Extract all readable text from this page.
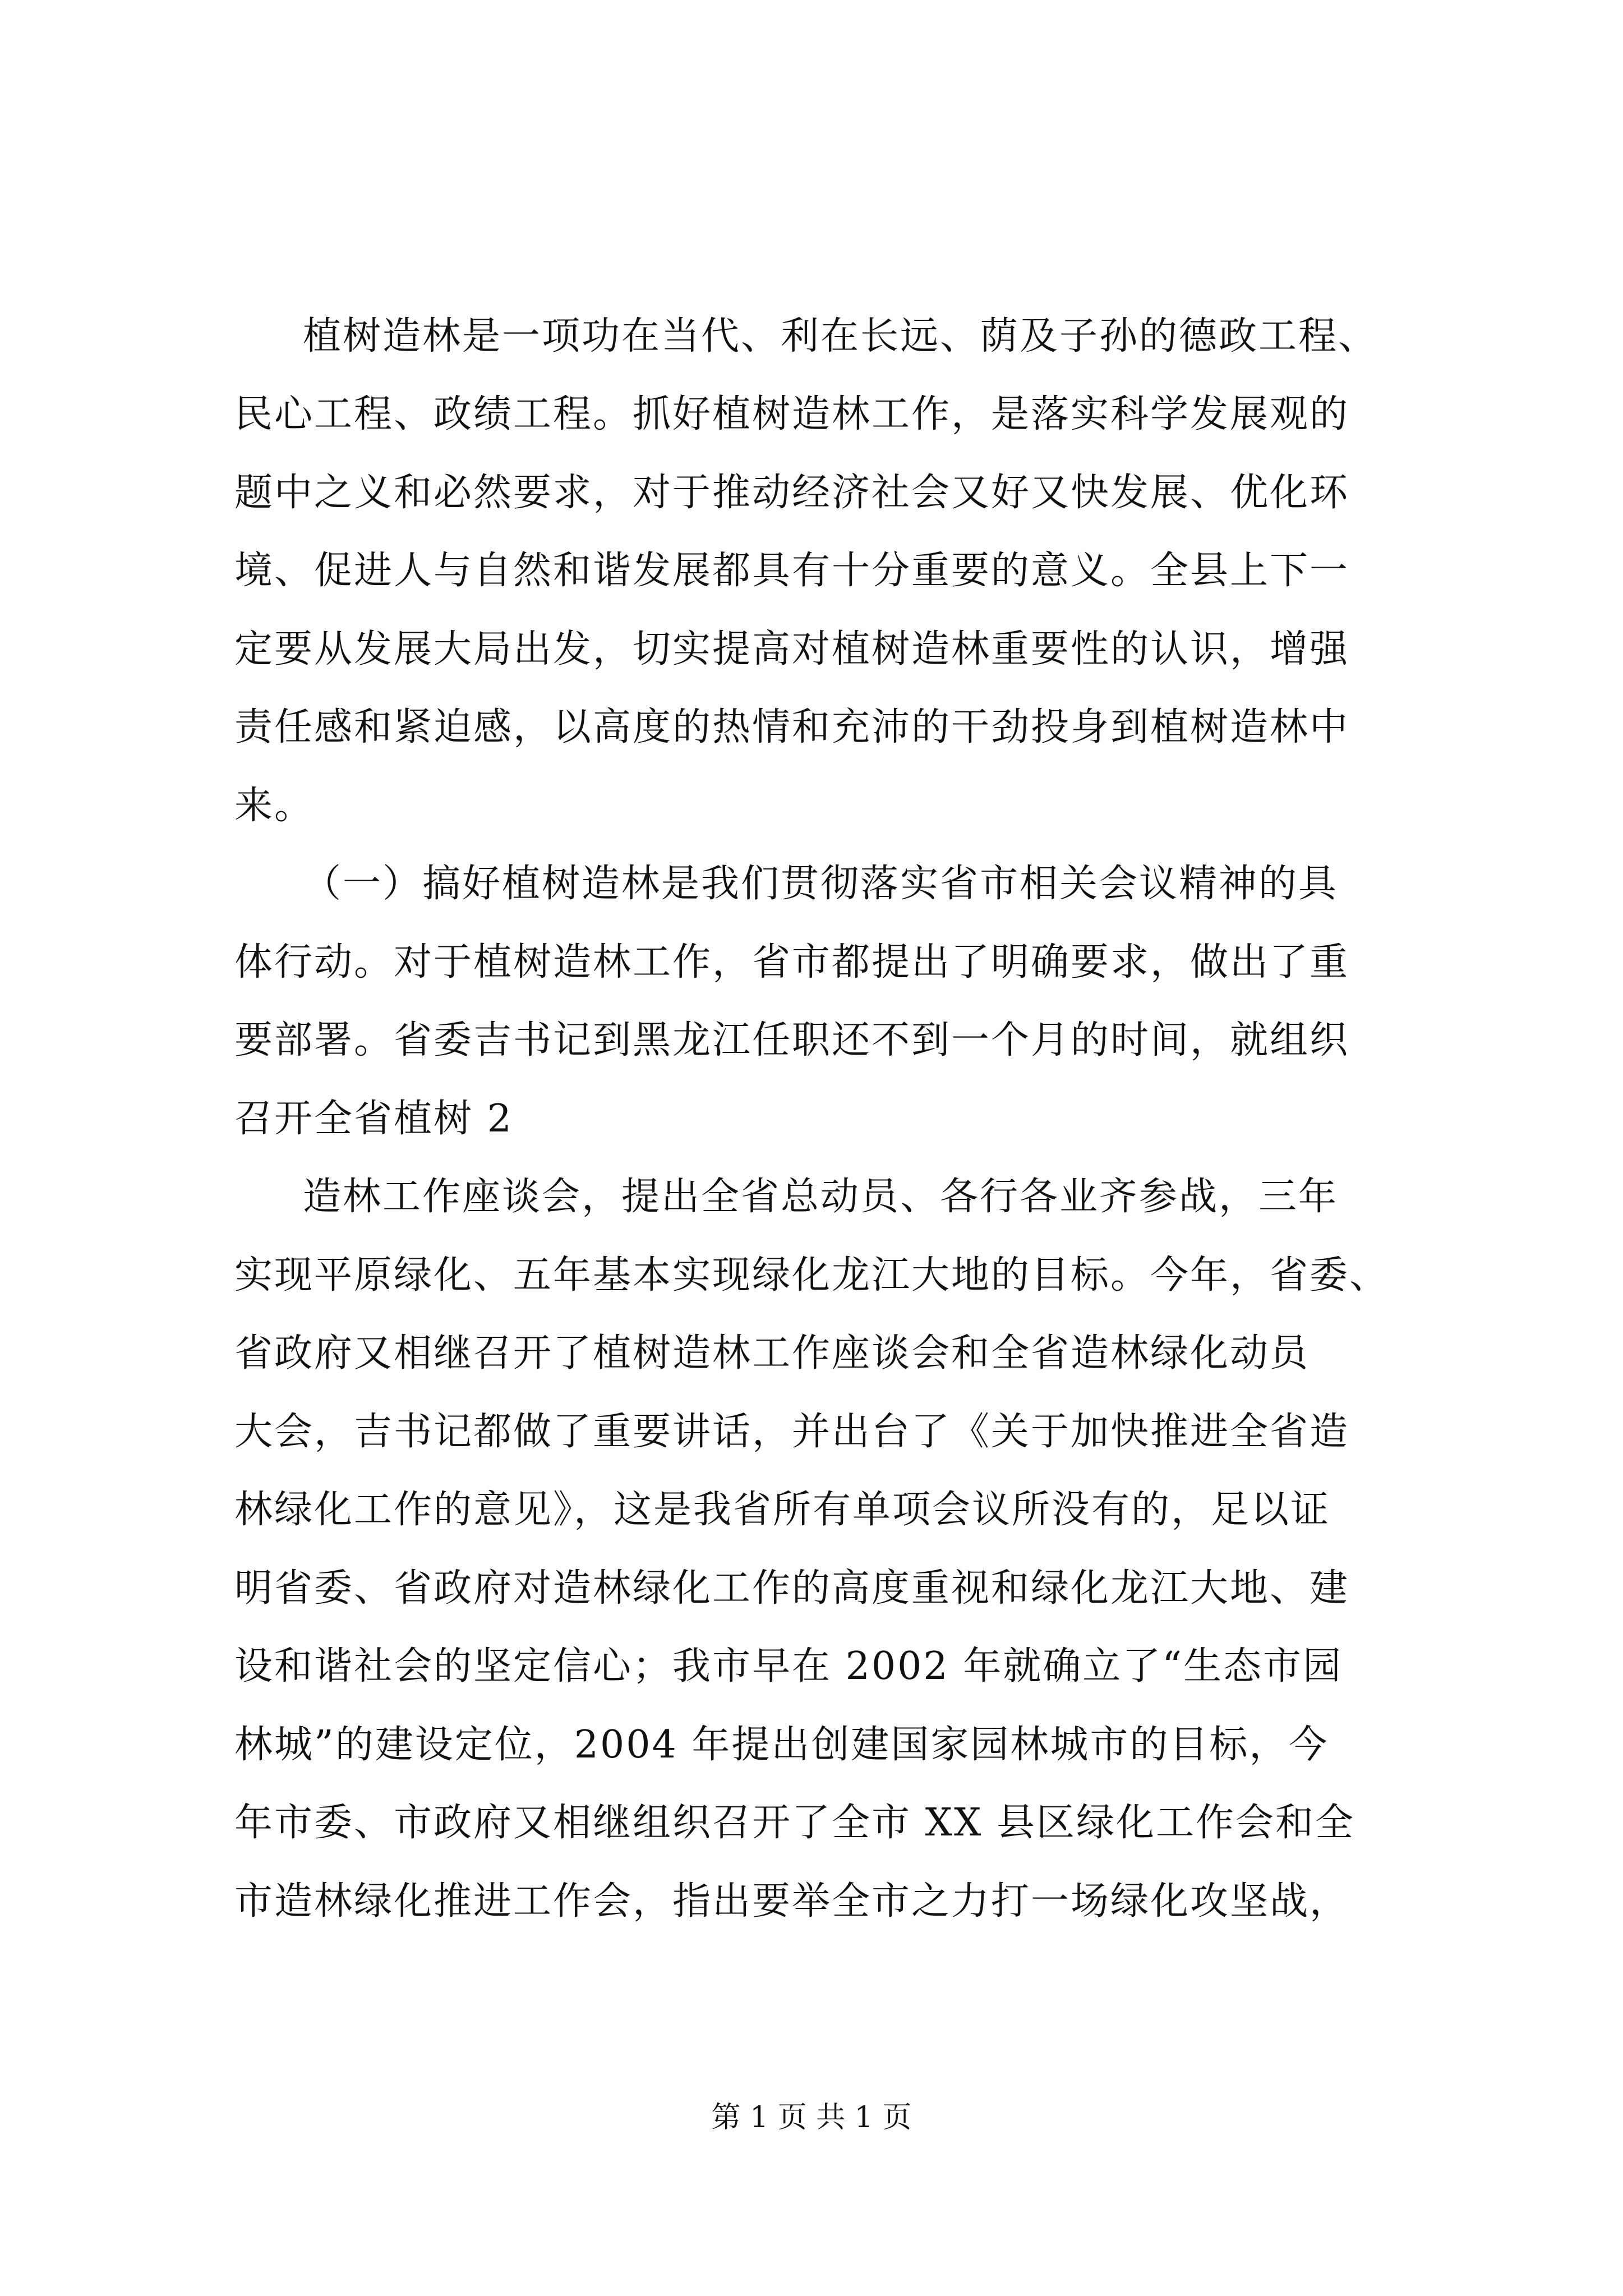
植树造林是一项功在当代、利在长远、荫及子孙的德政工程、
民心工程、政绩工程。抓好植树造林工作，是落实科学发展观的
题中之义和必然要求，对于推动经济社会又好又快发展、优化环
境、促进人与自然和谐发展都具有十分重要的意义。全县上下一
定要从发展大局出发，切实提高对植树造林重要性的认识，增强
责任感和紧迫感，以高度的热情和充沛的干劲投身到植树造林中
来。
（一）搞好植树造林是我们贯彻落实省市相关会议精神的具
体行动。对于植树造林工作，省市都提出了明确要求，做出了重
要部署。省委吉书记到黑龙江任职还不到一个月的时间，就组织
召开全省植树 2
造林工作座谈会，提出全省总动员、各行各业齐参战，三年
实现平原绿化、五年基本实现绿化龙江大地的目标。今年，省委、
省政府又相继召开了植树造林工作座谈会和全省造林绿化动员
大会，吉书记都做了重要讲话，并出台了《关于加快推进全省造
林绿化工作的意见》，这是我省所有单项会议所没有的，足以证
明省委、省政府对造林绿化工作的高度重视和绿化龙江大地、建
设和谐社会的坚定信心；我市早在 2002 年就确立了“生态市园
林城”的建设定位，2004 年提出创建国家园林城市的目标，今
年市委、市政府又相继组织召开了全市 XX 县区绿化工作会和全
市造林绿化推进工作会，指出要举全市之力打一场绿化攻坚战，
第 1 页 共 1 页
